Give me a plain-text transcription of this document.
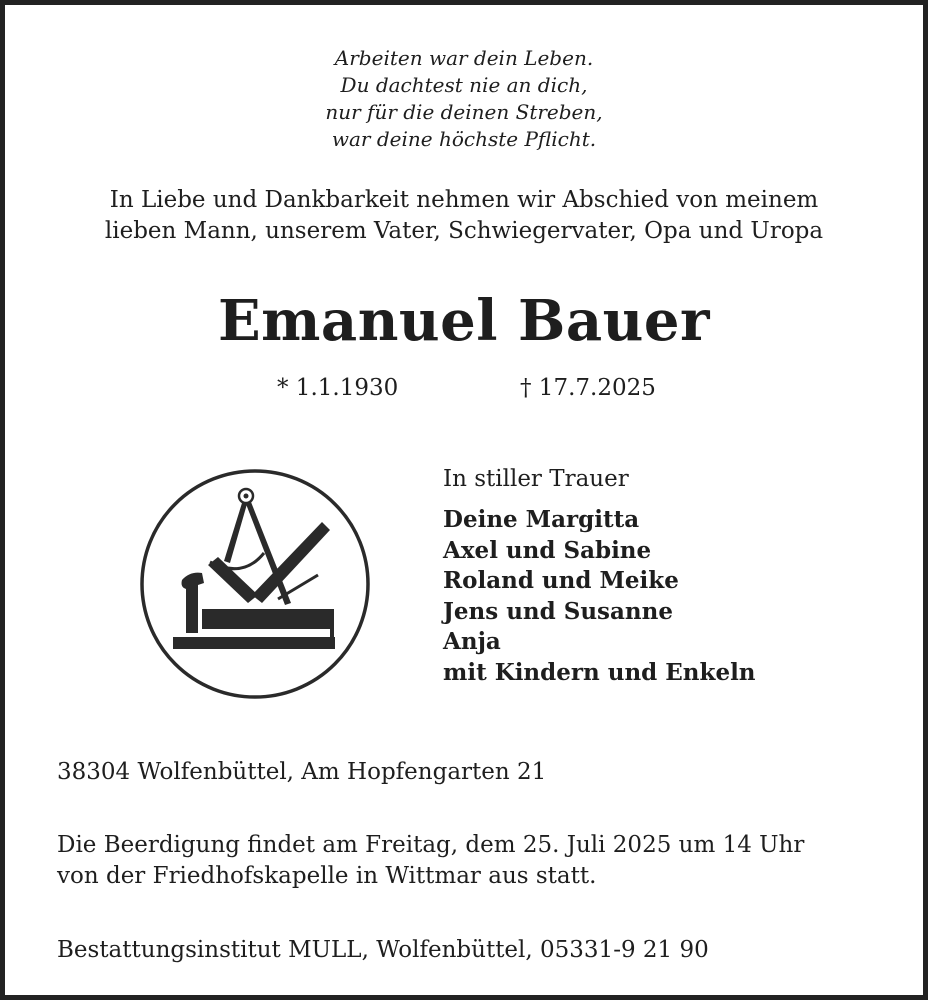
Arbeiten war dein Leben.
Du dachtest nie an dich,
nur für die deinen Streben,
war deine höchste Pflicht.
In Liebe und Dankbarkeit nehmen wir Abschied von meinem
lieben Mann, unserem Vater, Schwiegervater, Opa und Uropa
Emanuel Bauer
* 1.1.1930	† 17.7.2025
In stiller Trauer
Deine Margitta
Axel und Sabine
Roland und Meike
Jens und Susanne
Anja
mit Kindern und Enkeln
38304 Wolfenbüttel, Am Hopfengarten 21
Die Beerdigung findet am Freitag, dem 25. Juli 2025 um 14 Uhr
von der Friedhofskapelle in Wittmar aus statt.
Bestattungsinstitut MULL, Wolfenbüttel, 05331-9 21 90
